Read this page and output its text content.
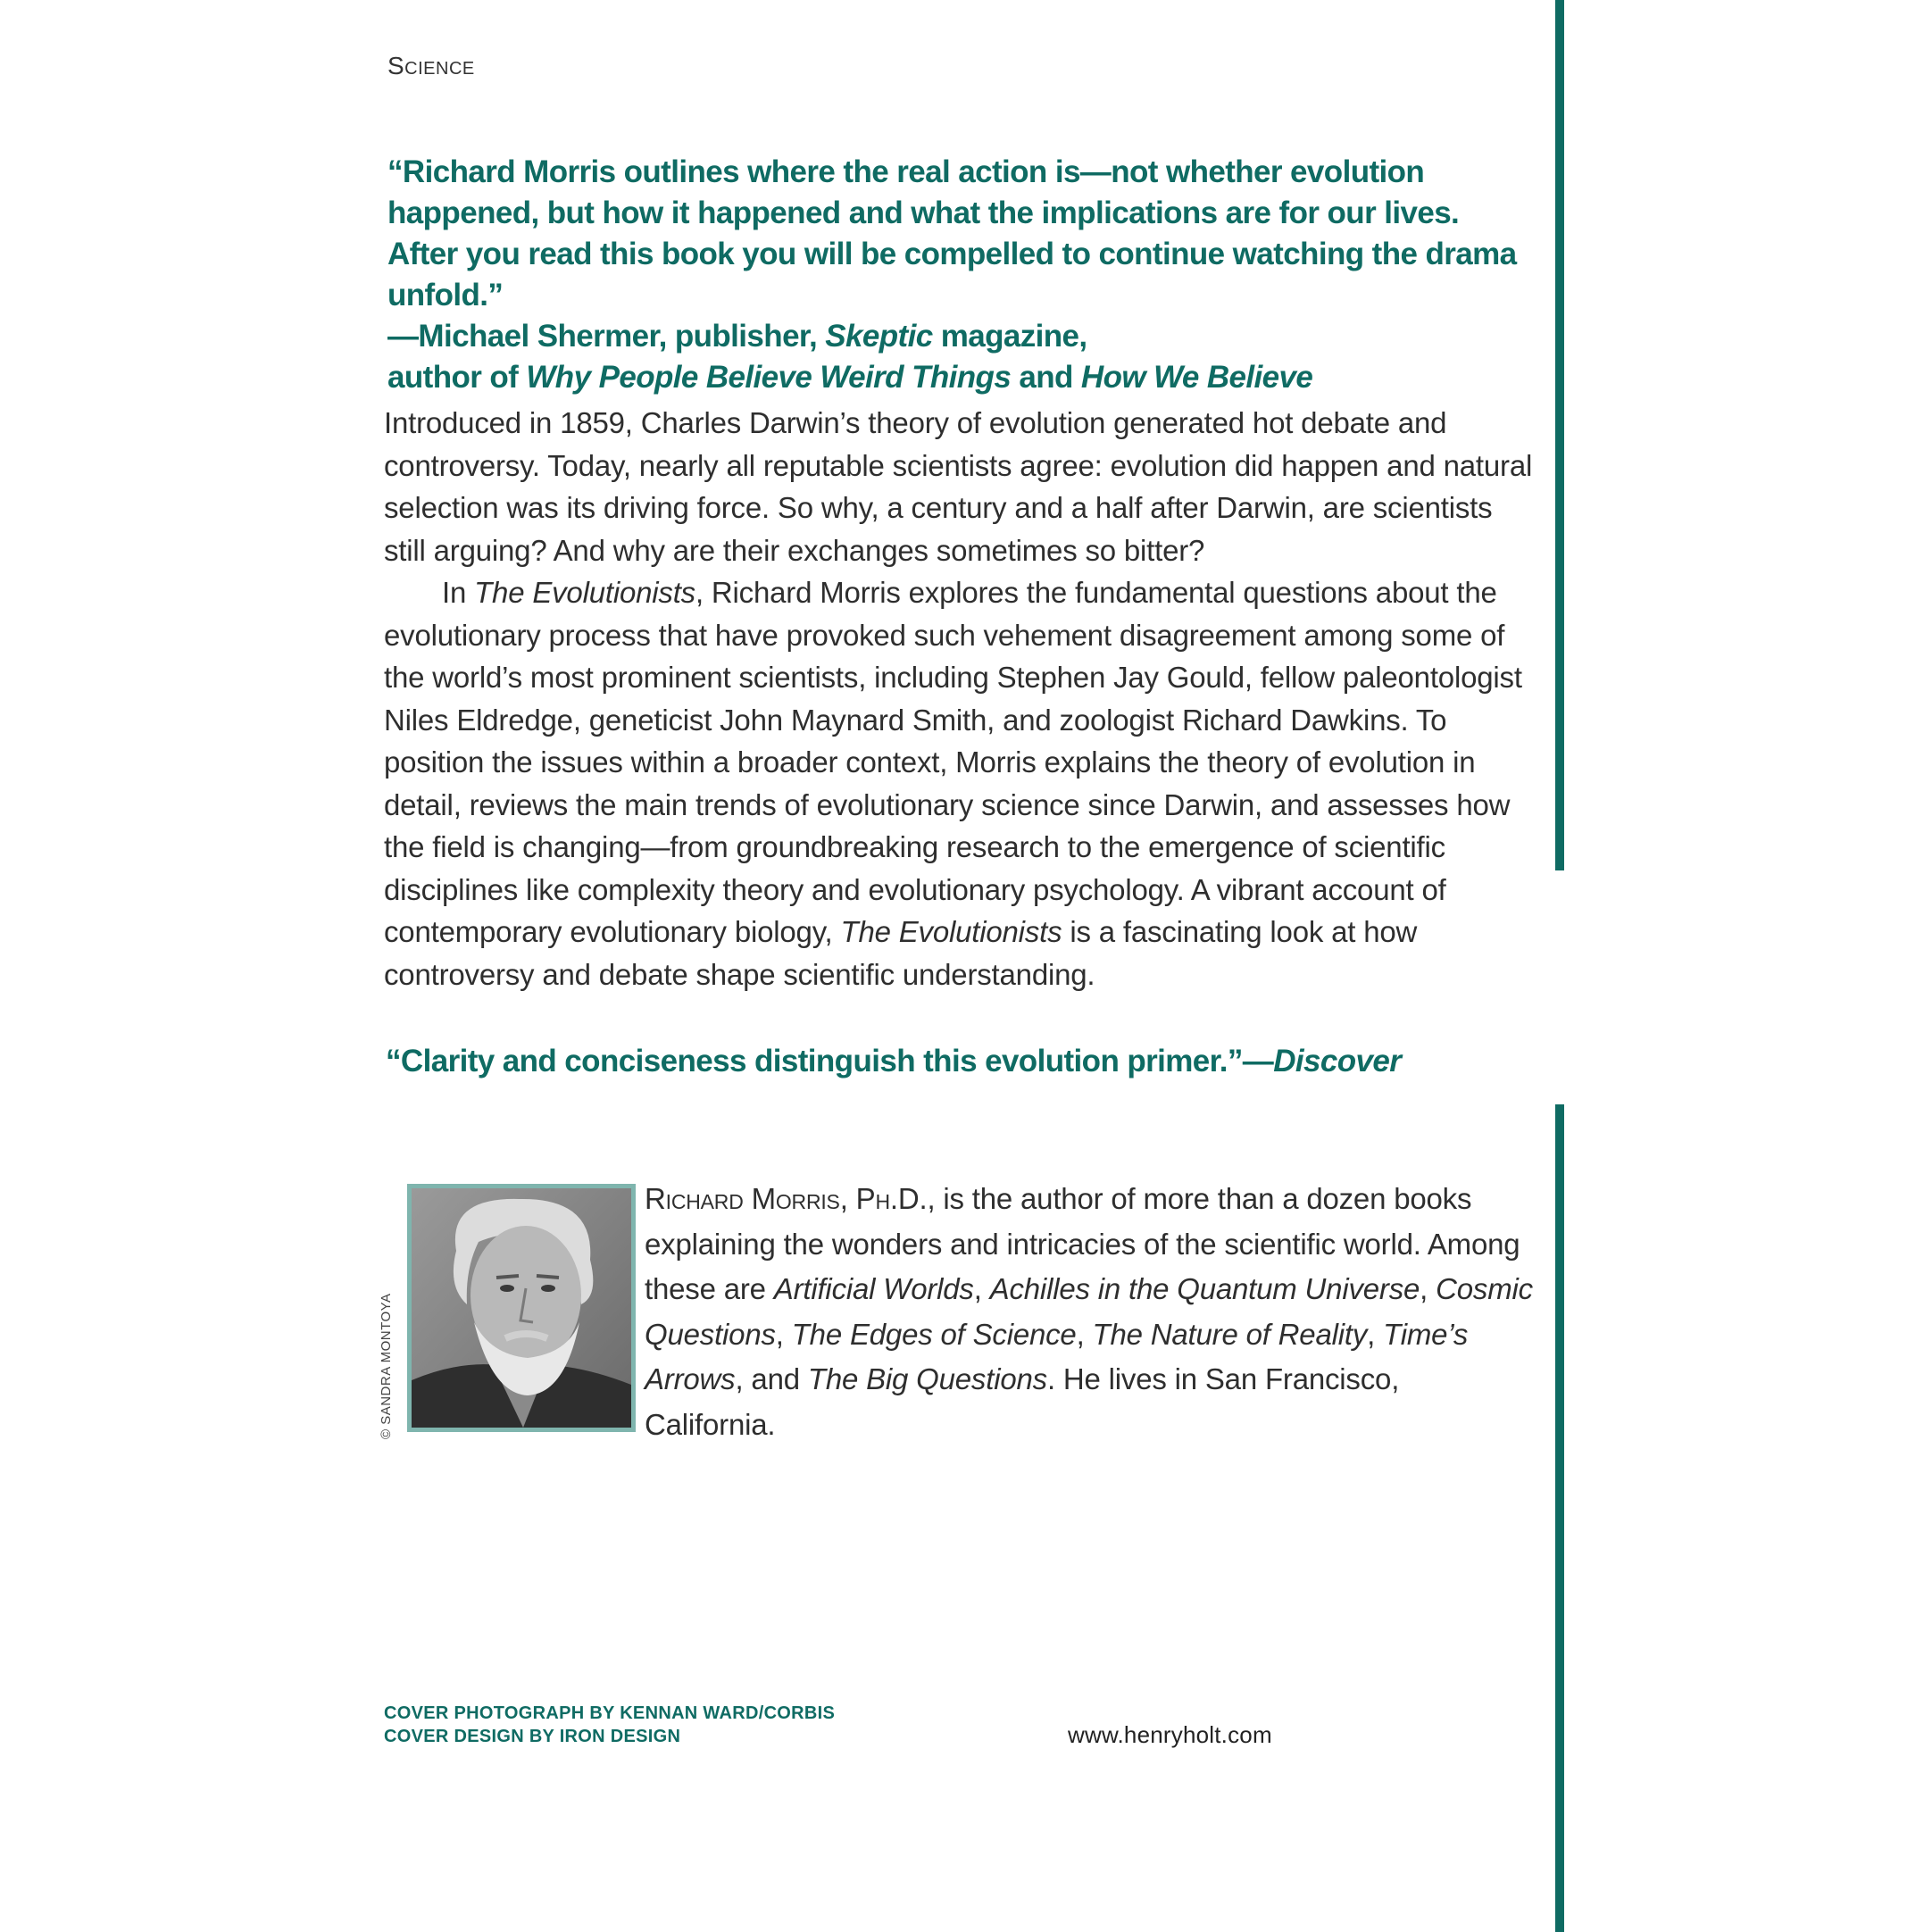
Science
“Richard Morris outlines where the real action is—not whether evolution happened, but how it happened and what the implications are for our lives. After you read this book you will be compelled to continue watching the drama unfold.”
—Michael Shermer, publisher, Skeptic magazine,
author of Why People Believe Weird Things and How We Believe

Introduced in 1859, Charles Darwin’s theory of evolution generated hot debate and controversy. Today, nearly all reputable scientists agree: evolution did happen and natural selection was its driving force. So why, a century and a half after Darwin, are scientists still arguing? And why are their exchanges sometimes so bitter?

In The Evolutionists, Richard Morris explores the fundamental questions about the evolutionary process that have provoked such vehement disagreement among some of the world’s most prominent scientists, including Stephen Jay Gould, fellow paleontologist Niles Eldredge, geneticist John Maynard Smith, and zoologist Richard Dawkins. To position the issues within a broader context, Morris explains the theory of evolution in detail, reviews the main trends of evolutionary science since Darwin, and assesses how the field is changing—from groundbreaking research to the emergence of scientific disciplines like complexity theory and evolutionary psychology. A vibrant account of contemporary evolutionary biology, The Evolutionists is a fascinating look at how controversy and debate shape scientific understanding.

“Clarity and conciseness distinguish this evolution primer.”—Discover
© SANDRA MONTOYA
Richard Morris, Ph.D., is the author of more than a dozen books explaining the wonders and intricacies of the scientific world. Among these are Artificial Worlds, Achilles in the Quantum Universe, Cosmic Questions, The Edges of Science, The Nature of Reality, Time’s Arrows, and The Big Questions. He lives in San Francisco, California.
COVER PHOTOGRAPH BY KENNAN WARD/CORBIS
COVER DESIGN BY IRON DESIGN	www.henryholt.com
